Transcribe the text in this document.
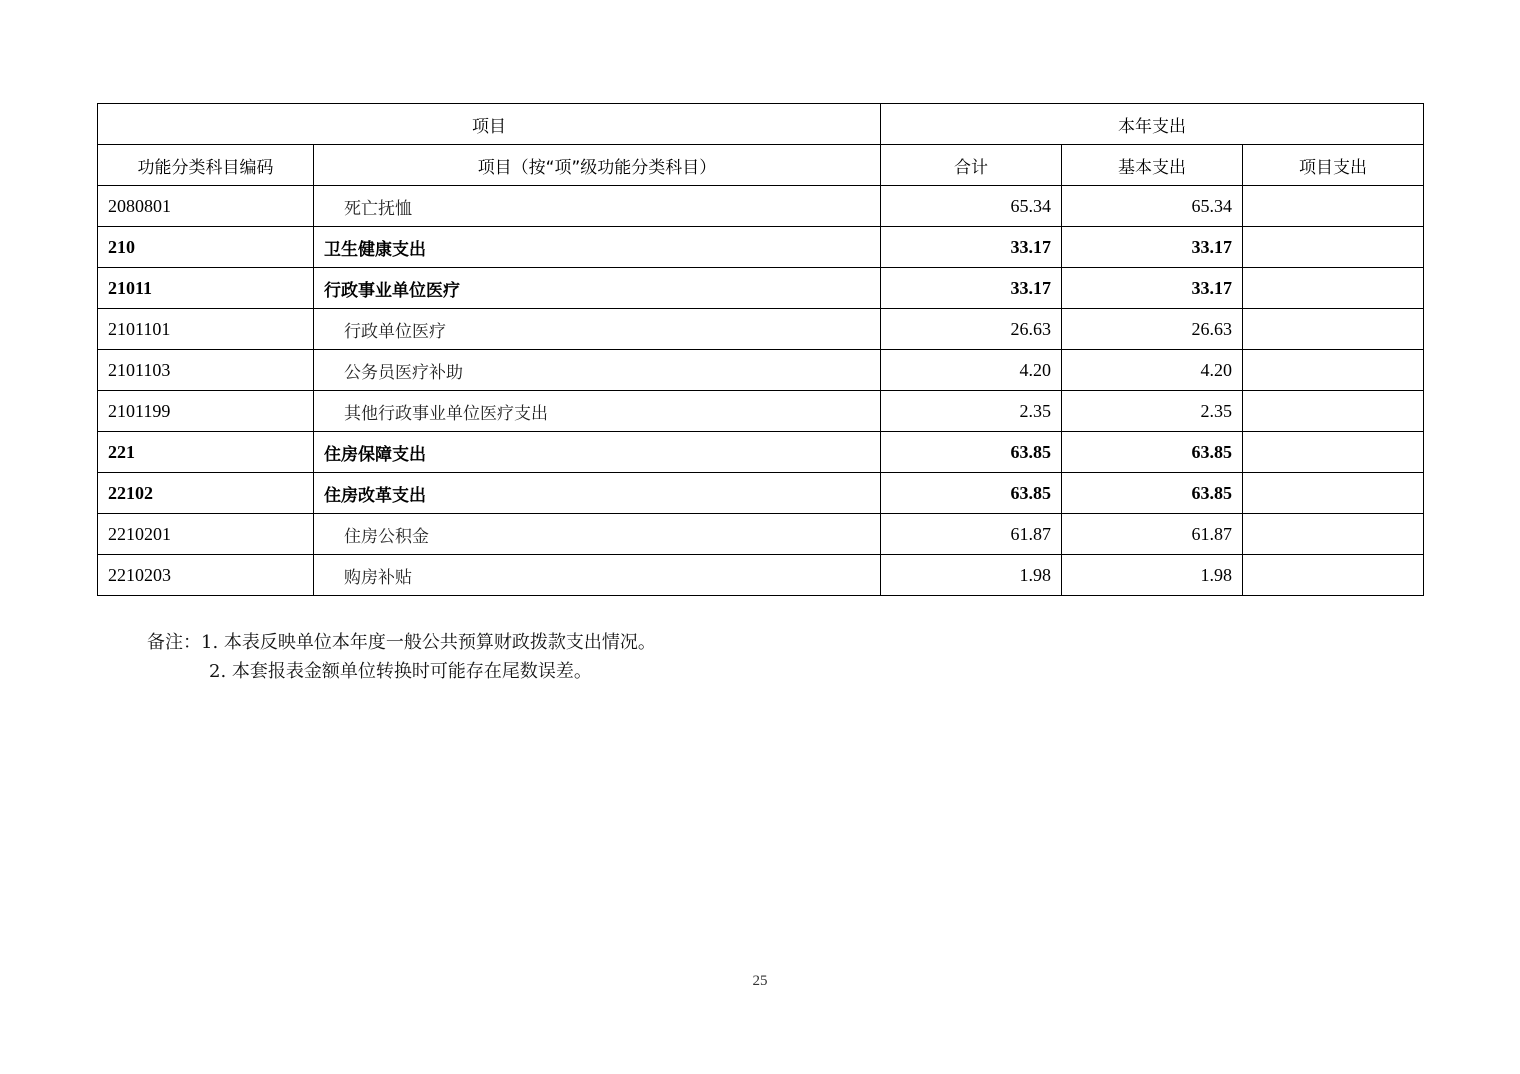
项目		本年支出		
功能分类科目编码	项目（按“项”级功能分类科目）	合计	基本支出	项目支出
2080801	死亡抚恤	65.34	65.34	
210	卫生健康支出	33.17	33.17	
21011	行政事业单位医疗	33.17	33.17	
2101101	行政单位医疗	26.63	26.63	
2101103	公务员医疗补助	4.20	4.20	
2101199	其他行政事业单位医疗支出	2.35	2.35	
221	住房保障支出	63.85	63.85	
22102	住房改革支出	63.85	63.85	
2210201	住房公积金	61.87	61.87	
2210203	购房补贴	1.98	1.98	
备注：1. 本表反映单位本年度一般公共预算财政拨款支出情况。
2. 本套报表金额单位转换时可能存在尾数误差。
25
